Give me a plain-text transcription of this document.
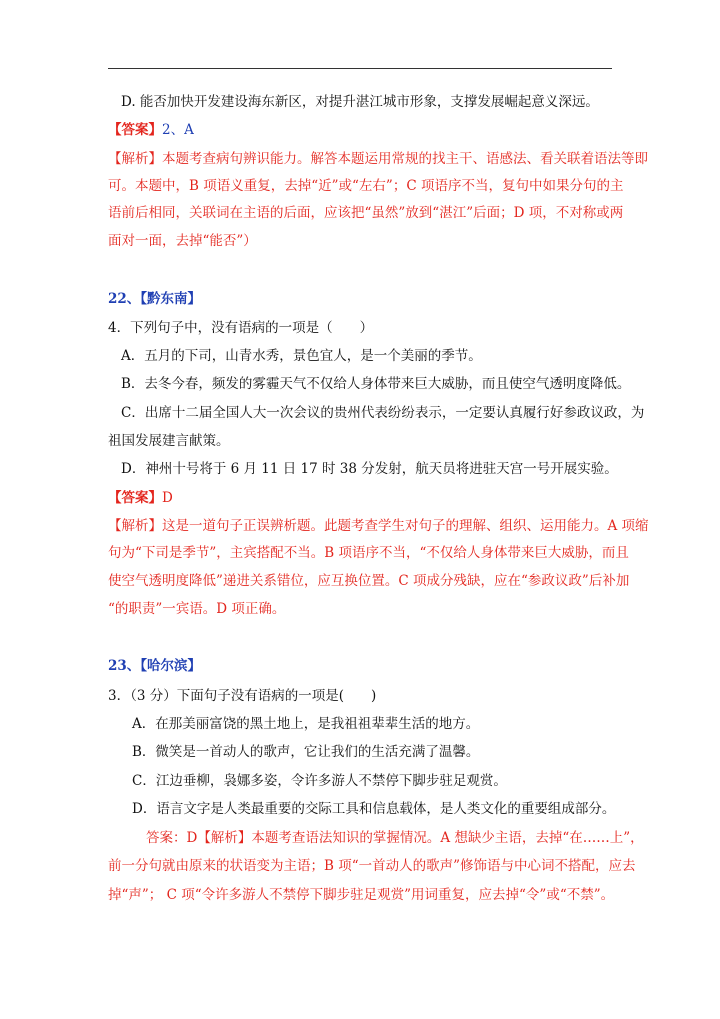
D. 能否加快开发建设海东新区，对提升湛江城市形象，支撑发展崛起意义深远。
【答案】2、A
【解析】本题考查病句辨识能力。解答本题运用常规的找主干、语感法、看关联着语法等即
可。本题中，B 项语义重复，去掉“近”或“左右”；C 项语序不当，复句中如果分句的主
语前后相同，关联词在主语的后面，应该把“虽然”放到“湛江”后面；D 项，不对称或两
面对一面，去掉“能否”）
22、【黔东南】
4．下列句子中，没有语病的一项是（　　）
A．五月的下司，山青水秀，景色宜人，是一个美丽的季节。
B．去冬今春，频发的雾霾天气不仅给人身体带来巨大威胁，而且使空气透明度降低。
C．出席十二届全国人大一次会议的贵州代表纷纷表示，一定要认真履行好参政议政，为
祖国发展建言献策。
D．神州十号将于 6 月 11 日 17 时 38 分发射，航天员将进驻天宫一号开展实验。
【答案】D
【解析】这是一道句子正误辨析题。此题考查学生对句子的理解、组织、运用能力。A 项缩
句为“下司是季节”，主宾搭配不当。B 项语序不当，“不仅给人身体带来巨大威胁，而且
使空气透明度降低”递进关系错位，应互换位置。C 项成分残缺，应在“参政议政”后补加
“的职责”一宾语。D 项正确。
23、【哈尔滨】
3．（3 分）下面句子没有语病的一项是(　　)
A．在那美丽富饶的黑土地上，是我祖祖辈辈生活的地方。
B．微笑是一首动人的歌声，它让我们的生活充满了温馨。
C．江边垂柳，袅娜多姿，令许多游人不禁停下脚步驻足观赏。
D．语言文字是人类最重要的交际工具和信息载体，是人类文化的重要组成部分。
答案：D【解析】本题考查语法知识的掌握情况。A 想缺少主语，去掉“在……上”，
前一分句就由原来的状语变为主语；B 项“一首动人的歌声”修饰语与中心词不搭配，应去
掉“声”； C 项“令许多游人不禁停下脚步驻足观赏”用词重复，应去掉“令”或“不禁”。
